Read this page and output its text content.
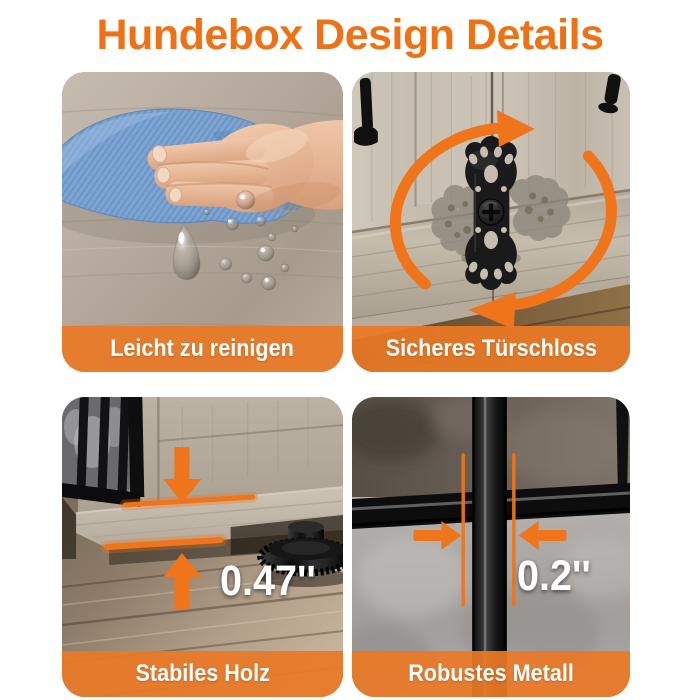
Hundebox Design Details
Leicht zu reinigen	Sicheres Türschloss
0.47''
Stabiles Holz
0.2''
Robustes Metall
